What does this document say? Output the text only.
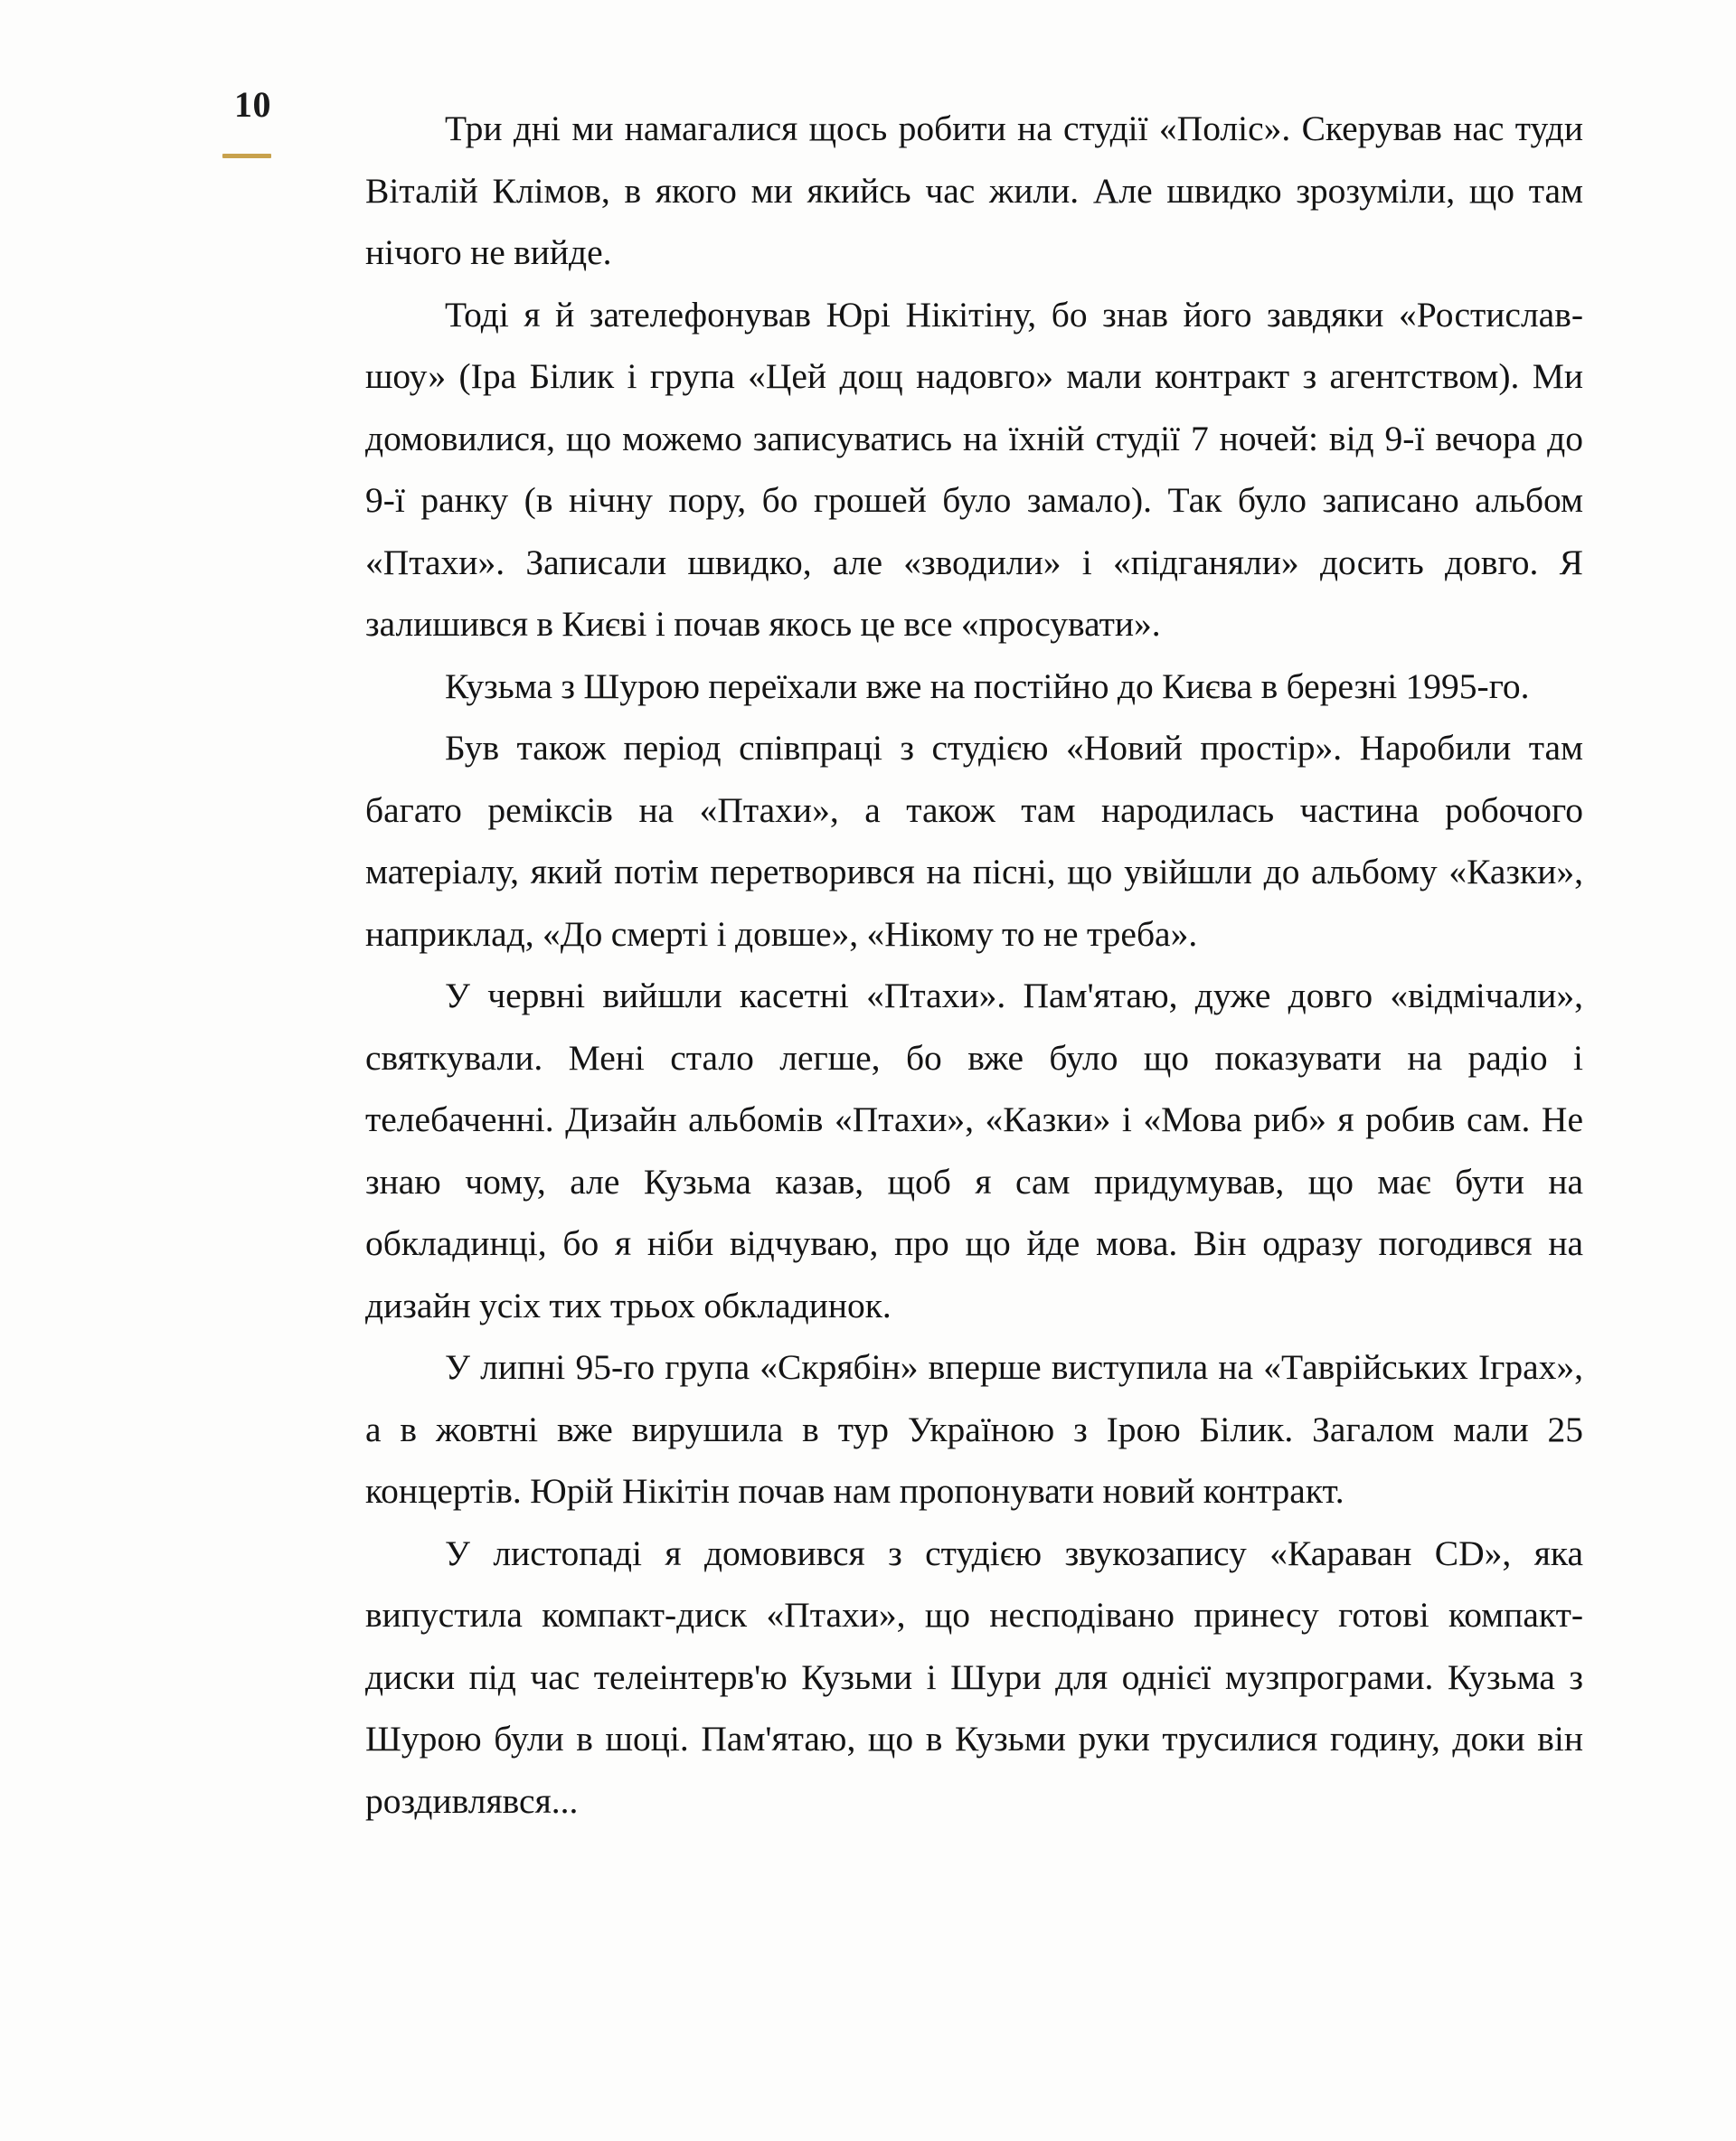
10

Три дні ми намагалися щось робити на студії «Поліс». Скерував нас туди Віталій Клімов, в якого ми якийсь час жили. Але швидко зрозуміли, що там нічого не вийде.

Тоді я й зателефонував Юрі Нікітіну, бо знав його завдяки «Ростислав-шоу» (Іра Білик і група «Цей дощ надовго» мали контракт з агентством). Ми домовилися, що можемо записуватись на їхній студії 7 ночей: від 9-ї вечора до 9-ї ранку (в нічну пору, бо грошей було замало). Так було записано альбом «Птахи». Записали швидко, але «зводили» і «підганяли» досить довго. Я залишився в Києві і почав якось це все «просувати».

Кузьма з Шурою переїхали вже на постійно до Києва в березні 1995-го.

Був також період співпраці з студією «Новий простір». Наробили там багато реміксів на «Птахи», а також там народилась частина робочого матеріалу, який потім перетворився на пісні, що увійшли до альбому «Казки», наприклад, «До смерті і довше», «Нікому то не треба».

У червні вийшли касетні «Птахи». Пам'ятаю, дуже довго «відмічали», святкували. Мені стало легше, бо вже було що показувати на радіо і телебаченні. Дизайн альбомів «Птахи», «Казки» і «Мова риб» я робив сам. Не знаю чому, але Кузьма казав, щоб я сам придумував, що має бути на обкладинці, бо я ніби відчуваю, про що йде мова. Він одразу погодився на дизайн усіх тих трьох обкладинок.

У липні 95-го група «Скрябін» вперше виступила на «Таврійських Іграх», а в жовтні вже вирушила в тур Україною з Ірою Білик. Загалом мали 25 концертів. Юрій Нікітін почав нам пропонувати новий контракт.

У листопаді я домовився з студією звукозапису «Караван CD», яка випустила компакт-диск «Птахи», що несподівано принесу готові компакт-диски під час телеінтерв'ю Кузьми і Шури для однієї музпрограми. Кузьма з Шурою були в шоці. Пам'ятаю, що в Кузьми руки трусилися годину, доки він роздивлявся...
